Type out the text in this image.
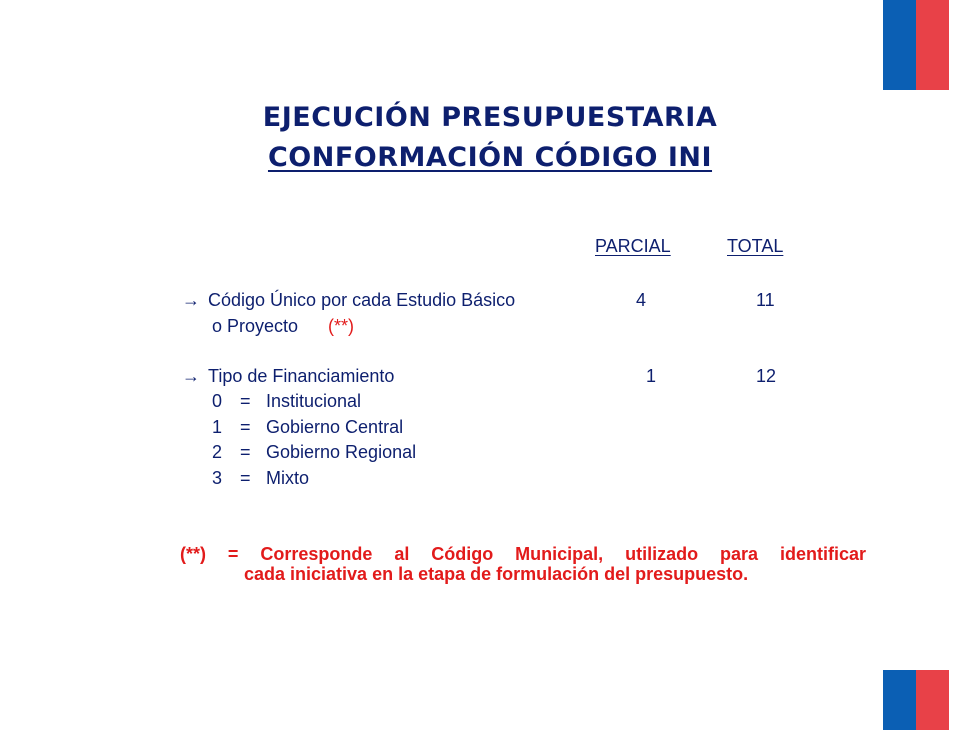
EJECUCIÓN PRESUPUESTARIA
CONFORMACIÓN CÓDIGO INI
PARCIAL	TOTAL
→ Código Único por cada Estudio Básico	4	11
o Proyecto (**)
→ Tipo de Financiamiento	1	12
0 = Institucional
1 = Gobierno Central
2 = Gobierno Regional
3 = Mixto
(**) = Corresponde al Código Municipal, utilizado para identificar
cada iniciativa en la etapa de formulación del presupuesto.
